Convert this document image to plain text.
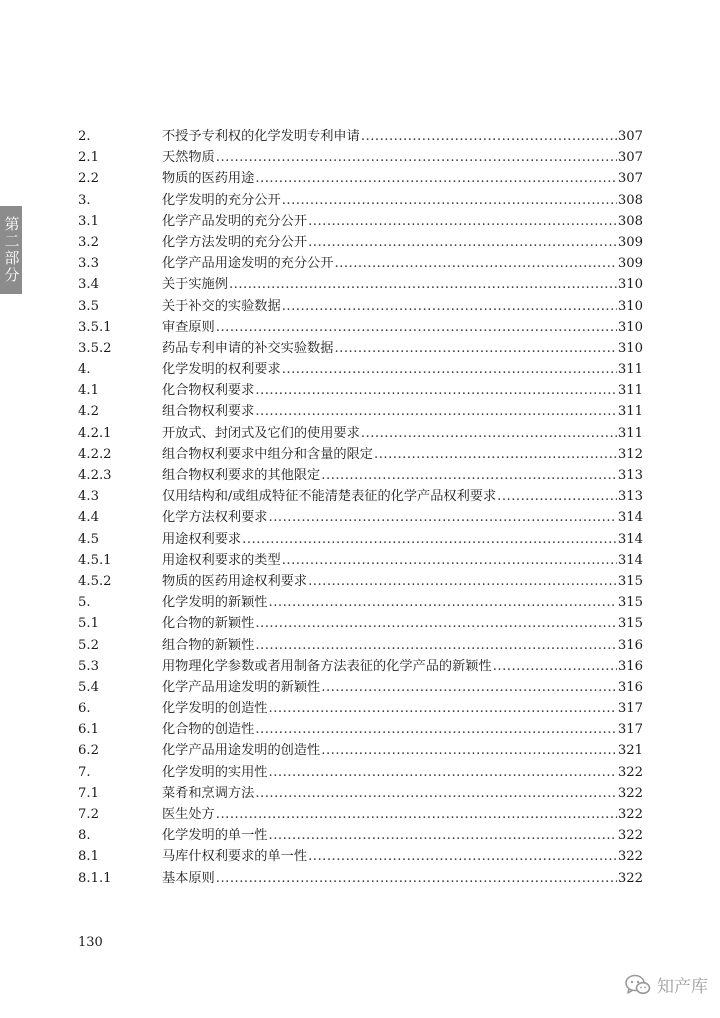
第二部分
2.	不授予专利权的化学发明专利申请 .....	307
2.1	天然物质 .....	307
2.2	物质的医药用途 .....	307
3.	化学发明的充分公开 .....	308
3.1	化学产品发明的充分公开 .....	308
3.2	化学方法发明的充分公开 .....	309
3.3	化学产品用途发明的充分公开 .....	309
3.4	关于实施例 .....	310
3.5	关于补交的实验数据 .....	310
3.5.1	审查原则 .....	310
3.5.2	药品专利申请的补交实验数据 .....	310
4.	化学发明的权利要求 .....	311
4.1	化合物权利要求 .....	311
4.2	组合物权利要求 .....	311
4.2.1	开放式、封闭式及它们的使用要求 .....	311
4.2.2	组合物权利要求中组分和含量的限定 .....	312
4.2.3	组合物权利要求的其他限定 .....	313
4.3	仅用结构和/或组成特征不能清楚表征的化学产品权利要求 .....	313
4.4	化学方法权利要求 .....	314
4.5	用途权利要求 .....	314
4.5.1	用途权利要求的类型 .....	314
4.5.2	物质的医药用途权利要求 .....	315
5.	化学发明的新颖性 .....	315
5.1	化合物的新颖性 .....	315
5.2	组合物的新颖性 .....	316
5.3	用物理化学参数或者用制备方法表征的化学产品的新颖性 .....	316
5.4	化学产品用途发明的新颖性 .....	316
6.	化学发明的创造性 .....	317
6.1	化合物的创造性 .....	317
6.2	化学产品用途发明的创造性 .....	321
7.	化学发明的实用性 .....	322
7.1	菜肴和烹调方法 .....	322
7.2	医生处方 .....	322
8.	化学发明的单一性 .....	322
8.1	马库什权利要求的单一性 .....	322
8.1.1	基本原则 .....	322
130
知产库
